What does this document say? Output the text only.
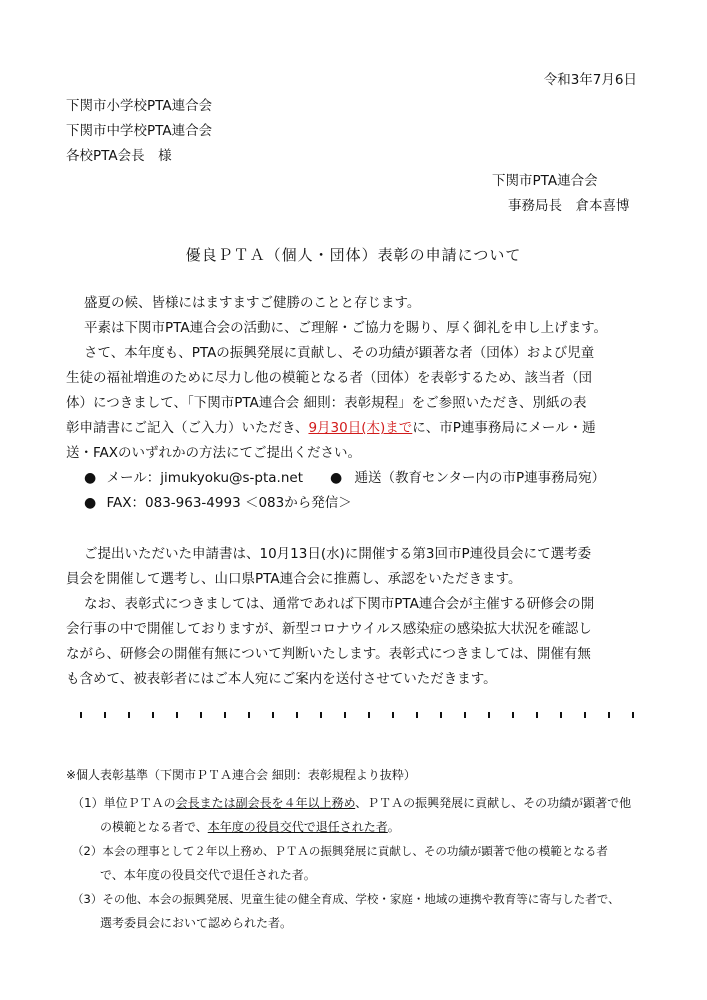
令和3年7月6日
下関市小学校PTA連合会
下関市中学校PTA連合会
各校PTA会長　様
下関市PTA連合会
事務局長　倉本喜博
優良ＰＴＡ（個人・団体）表彰の申請について
盛夏の候、皆様にはますますご健勝のことと存じます。
平素は下関市PTA連合会の活動に、ご理解・ご協力を賜り、厚く御礼を申し上げます。
さて、本年度も、PTAの振興発展に貢献し、その功績が顕著な者（団体）および児童
生徒の福祉増進のために尽力し他の模範となる者（団体）を表彰するため、該当者（団
体）につきまして、「下関市PTA連合会 細則：表彰規程」をご参照いただき、別紙の表
彰申請書にご記入（ご入力）いただき、9月30日(木)までに、市P連事務局にメール・逓
送・FAXのいずれかの方法にてご提出ください。
● メール：jimukyoku@s-pta.net ● 逓送（教育センター内の市P連事務局宛）
● FAX：083-963-4993 ＜083から発信＞
ご提出いただいた申請書は、10月13日(水)に開催する第3回市P連役員会にて選考委
員会を開催して選考し、山口県PTA連合会に推薦し、承認をいただきます。
なお、表彰式につきましては、通常であれば下関市PTA連合会が主催する研修会の開
会行事の中で開催しておりますが、新型コロナウイルス感染症の感染拡大状況を確認し
ながら、研修会の開催有無について判断いたします。表彰式につきましては、開催有無
も含めて、被表彰者にはご本人宛にご案内を送付させていただきます。
※個人表彰基準（下関市ＰＴＡ連合会 細則：表彰規程より抜粋）
（1）単位ＰＴＡの会長または副会長を４年以上務め、ＰＴＡの振興発展に貢献し、その功績が顕著で他
の模範となる者で、本年度の役員交代で退任された者。
（2）本会の理事として２年以上務め、ＰＴＡの振興発展に貢献し、その功績が顕著で他の模範となる者
で、本年度の役員交代で退任された者。
（3）その他、本会の振興発展、児童生徒の健全育成、学校・家庭・地域の連携や教育等に寄与した者で、
選考委員会において認められた者。
